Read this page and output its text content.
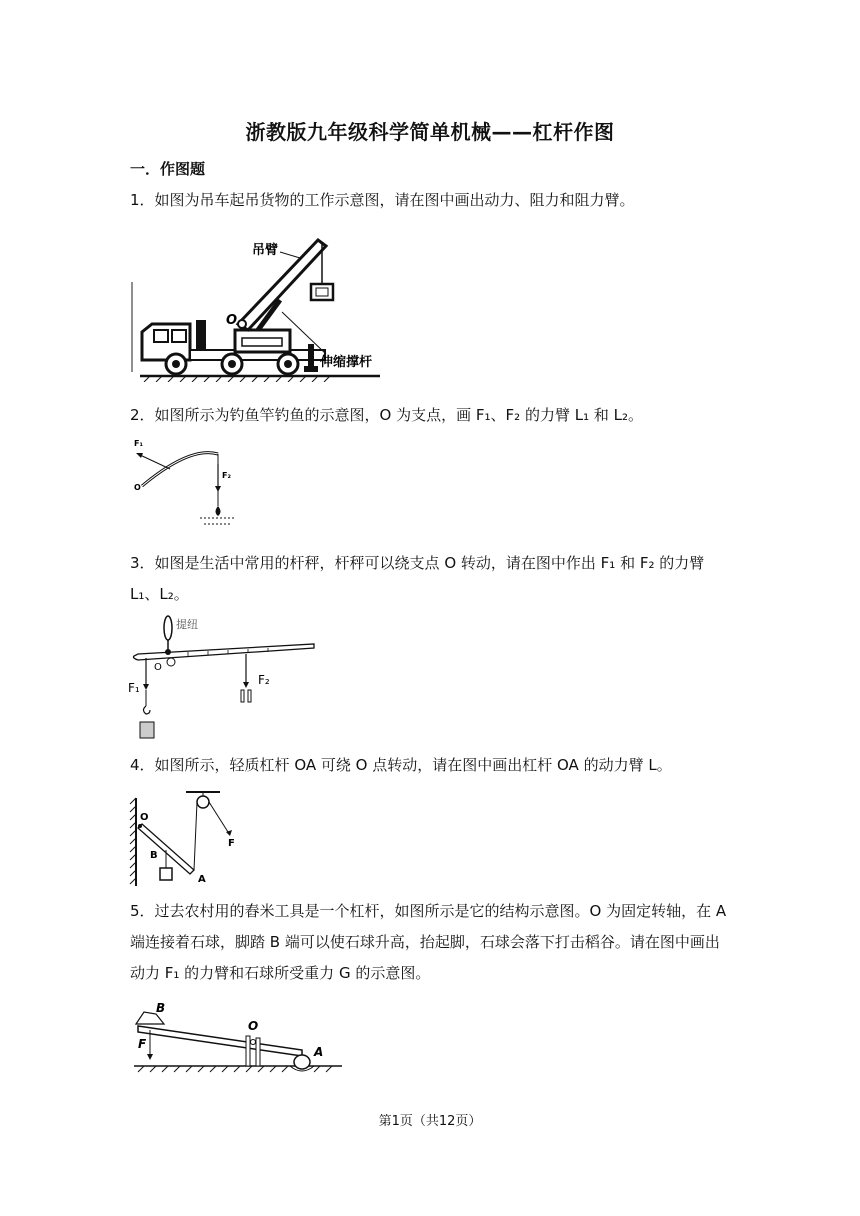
浙教版九年级科学简单机械——杠杆作图
一．作图题
1．如图为吊车起吊货物的工作示意图，请在图中画出动力、阻力和阻力臂。
吊臂
O
伸缩撑杆
2．如图所示为钓鱼竿钓鱼的示意图，O 为支点，画 F₁、F₂ 的力臂 L₁ 和 L₂。
F₁
O
F₂
3．如图是生活中常用的杆秤，杆秤可以绕支点 O 转动，请在图中作出 F₁ 和 F₂ 的力臂 L₁、L₂。
提纽
O
F₁
F₂
4．如图所示，轻质杠杆 OA 可绕 O 点转动，请在图中画出杠杆 OA 的动力臂 L。
O
B
A
F
5．过去农村用的舂米工具是一个杠杆，如图所示是它的结构示意图。O 为固定转轴，在 A 端连接着石球，脚踏 B 端可以使石球升高，抬起脚，石球会落下打击稻谷。请在图中画出动力 F₁ 的力臂和石球所受重力 G 的示意图。
B
O
F
A
第1页（共12页）
